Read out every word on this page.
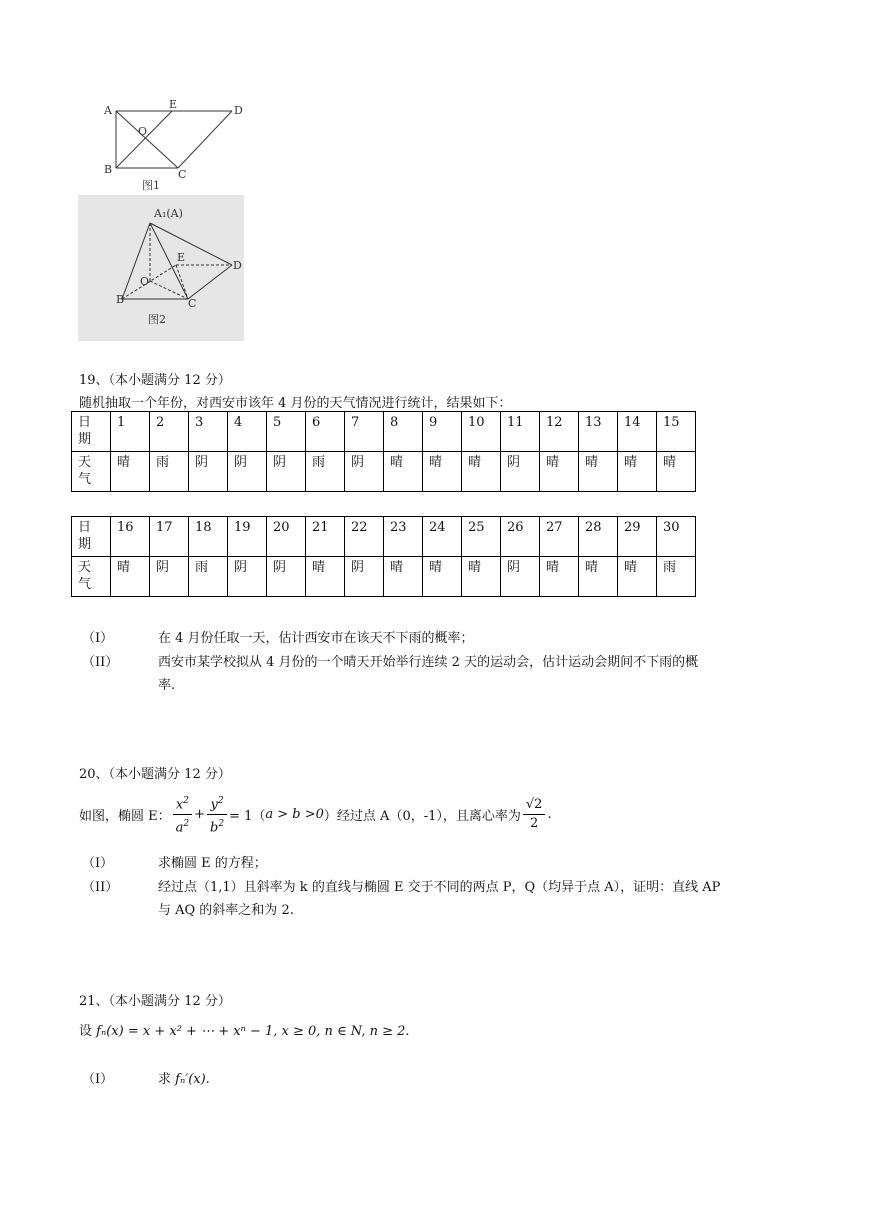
A	E	D
O
B	C
图1
A₁(A)
E
D
O
B	C
图2
19、（本小题满分 12 分）
随机抽取一个年份，对西安市该年 4 月份的天气情况进行统计，结果如下：
日
期	1	2	3	4	5	6	7	8	9	10	11	12	13	14	15
天
气	晴	雨	阴	阴	阴	雨	阴	晴	晴	晴	阴	晴	晴	晴	晴
日
期	16	17	18	19	20	21	22	23	24	25	26	27	28	29	30
天
气	晴	阴	雨	阴	阴	晴	阴	晴	晴	晴	阴	晴	晴	晴	雨
（I）	在 4 月份任取一天，估计西安市在该天不下雨的概率；
（II）	西安市某学校拟从 4 月份的一个晴天开始举行连续 2 天的运动会，估计运动会期间不下雨的概
率.
20、（本小题满分 12 分）
如图，椭圆 E： $\frac{x^2}{a^2} + \frac{y^2}{b^2} = 1$（ a > b >0 ）经过点 A（0，-1），且离心率为 $\frac{√2}{2}$ .
（I）	求椭圆 E 的方程；
（II）	经过点（1,1）且斜率为 k 的直线与椭圆 E 交于不同的两点 P，Q（均异于点 A），证明：直线 AP
与 AQ 的斜率之和为 2.
21、（本小题满分 12 分）
设 fₙ(x) = x + x² + ⋯ + xⁿ − 1, x ≥ 0, n ∈ N, n ≥ 2.
（I）	求 fₙ′(x).
